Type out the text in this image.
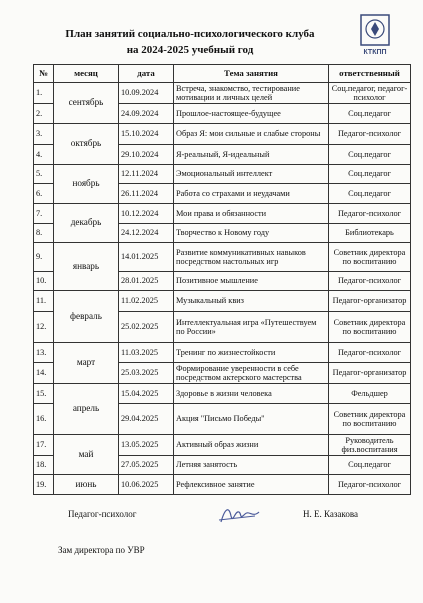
План занятий социально-психологического клуба
на 2024-2025 учебный год	КТКПП
№	месяц	дата	Тема занятия	ответственный
1.	сентябрь	10.09.2024	Встреча, знакомство, тестирование мотивации и личных целей	Соц.педагог, педагог-психолог
2.		24.09.2024	Прошлое-настоящее-будущее	Соц.педагог
3.	октябрь	15.10.2024	Образ Я: мои сильные и слабые стороны	Педагог-психолог
4.		29.10.2024	Я-реальный, Я-идеальный	Соц.педагог
5.	ноябрь	12.11.2024	Эмоциональный интеллект	Соц.педагог
6.		26.11.2024	Работа со страхами и неудачами	Соц.педагог
7.	декабрь	10.12.2024	Мои права и обязанности	Педагог-психолог
8.		24.12.2024	Творчество к Новому году	Библиотекарь
9.	январь	14.01.2025	Развитие коммуникативных навыков посредством настольных игр	Советник директора по воспитанию
10.		28.01.2025	Позитивное мышление	Педагог-психолог
11.	февраль	11.02.2025	Музыкальный квиз	Педагог-организатор
12.		25.02.2025	Интеллектуальная игра «Путешествуем по России»	Советник директора по воспитанию
13.	март	11.03.2025	Тренинг по жизнестойкости	Педагог-психолог
14.		25.03.2025	Формирование уверенности в себе посредством актерского мастерства	Педагог-организатор
15.	апрель	15.04.2025	Здоровье в жизни человека	Фельдшер
16.		29.04.2025	Акция "Письмо Победы"	Советник директора по воспитанию
17.	май	13.05.2025	Активный образ жизни	Руководитель физ.воспитания
18.		27.05.2025	Летняя занятость	Соц.педагог
19.	июнь	10.06.2025	Рефлексивное занятие	Педагог-психолог
Педагог-психолог	Н. Е. Казакова
Зам директора по УВР
